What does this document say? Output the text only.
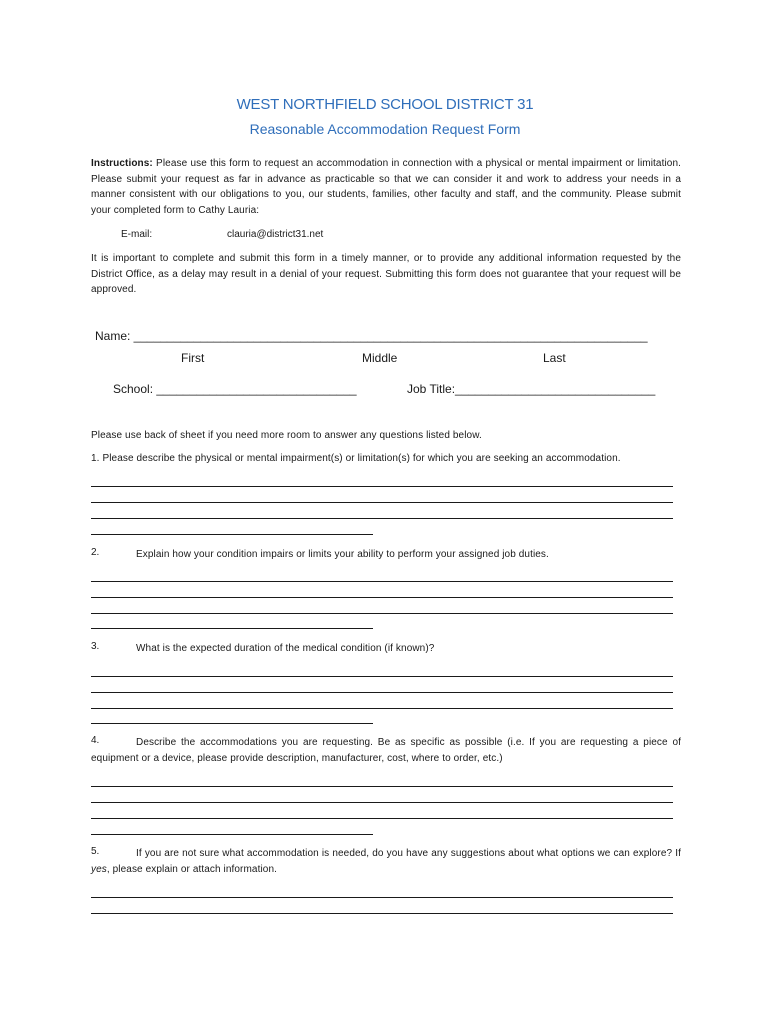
WEST NORTHFIELD SCHOOL DISTRICT 31
Reasonable Accommodation Request Form
Instructions: Please use this form to request an accommodation in connection with a physical or mental impairment or limitation. Please submit your request as far in advance as practicable so that we can consider it and work to address your needs in a manner consistent with our obligations to you, our students, families, other faculty and staff, and the community. Please submit your completed form to Cathy Lauria:
E-mail:	clauria@district31.net
It is important to complete and submit this form in a timely manner, or to provide any additional information requested by the District Office, as a delay may result in a denial of your request. Submitting this form does not guarantee that your request will be approved.
Name: _____________________________________________________________________________
First	Middle	Last
School: ______________________________	Job Title:______________________________
Please use back of sheet if you need more room to answer any questions listed below.
1. Please describe the physical or mental impairment(s) or limitation(s) for which you are seeking an accommodation.
2.	Explain how your condition impairs or limits your ability to perform your assigned job duties.
3.	What is the expected duration of the medical condition (if known)?
4.	Describe the accommodations you are requesting. Be as specific as possible (i.e. If you are requesting a piece of equipment or a device, please provide description, manufacturer, cost, where to order, etc.)
5.	If you are not sure what accommodation is needed, do you have any suggestions about what options we can explore? If yes, please explain or attach information.
